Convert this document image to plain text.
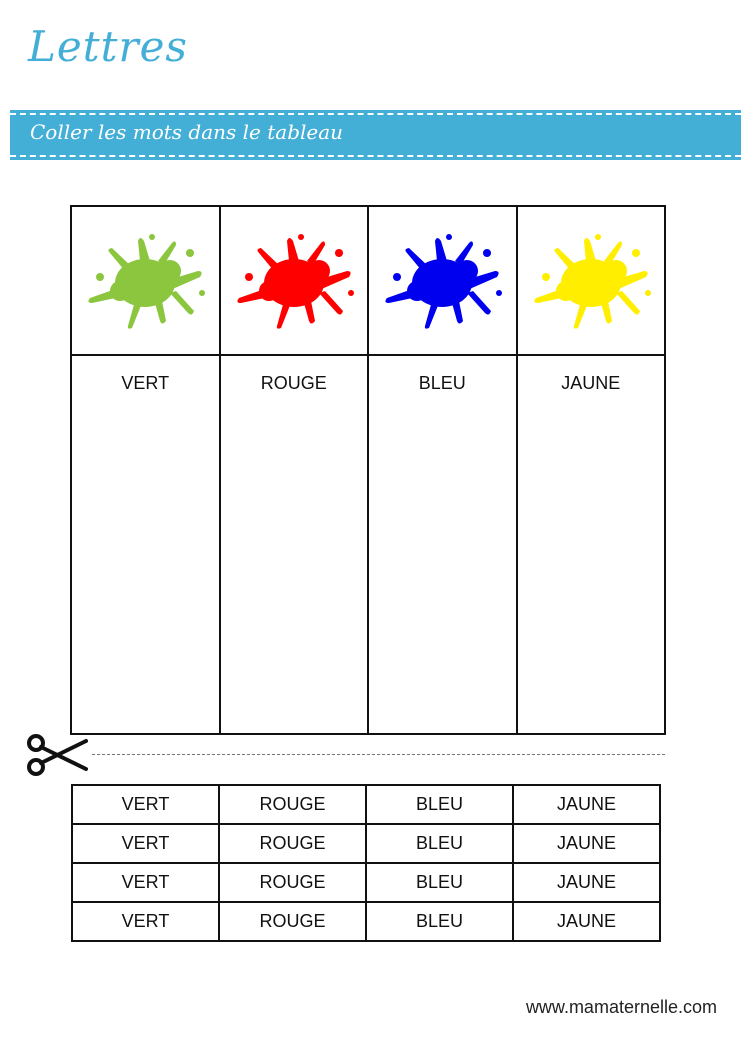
Lettres
Coller les mots dans le tableau

VERT	ROUGE	BLEU	JAUNE
VERT	ROUGE	BLEU	JAUNE
VERT	ROUGE	BLEU	JAUNE
VERT	ROUGE	BLEU	JAUNE
VERT	ROUGE	BLEU	JAUNE
www.mamaternelle.com
